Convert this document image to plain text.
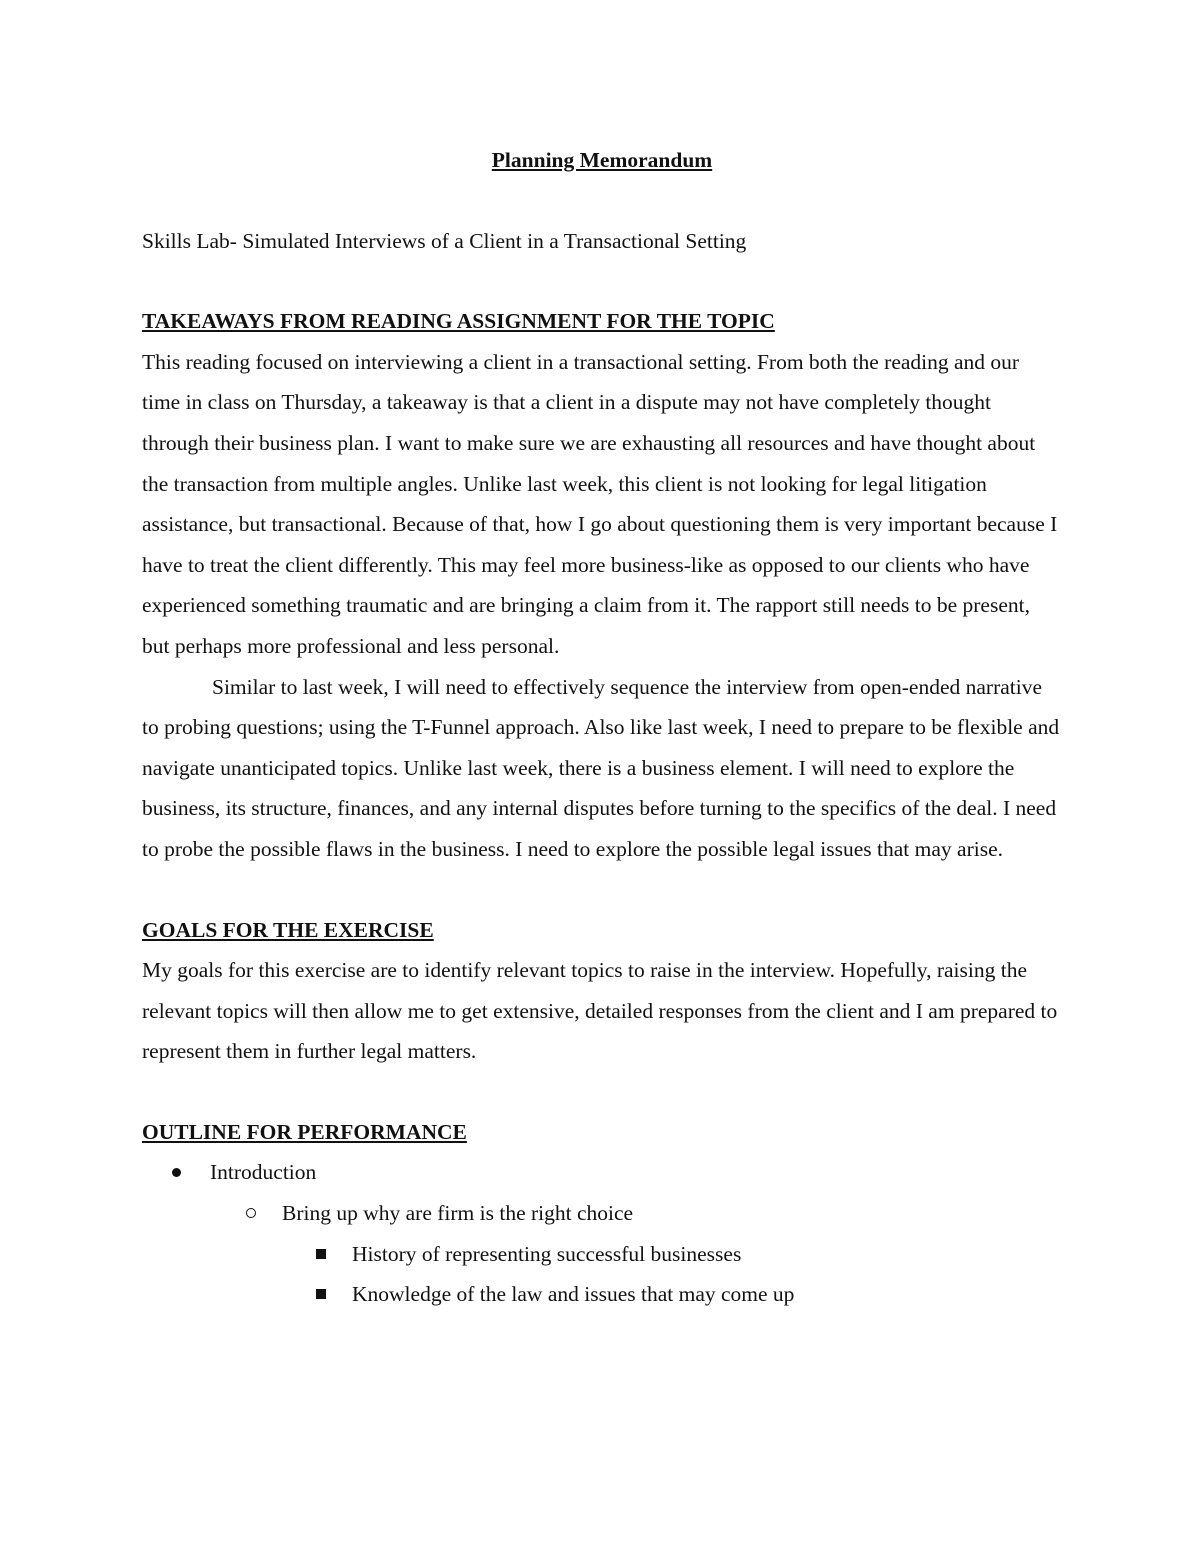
Planning Memorandum

Skills Lab- Simulated Interviews of a Client in a Transactional Setting

TAKEAWAYS FROM READING ASSIGNMENT FOR THE TOPIC

This reading focused on interviewing a client in a transactional setting. From both the reading and our time in class on Thursday, a takeaway is that a client in a dispute may not have completely thought through their business plan. I want to make sure we are exhausting all resources and have thought about the transaction from multiple angles. Unlike last week, this client is not looking for legal litigation assistance, but transactional. Because of that, how I go about questioning them is very important because I have to treat the client differently. This may feel more business-like as opposed to our clients who have experienced something traumatic and are bringing a claim from it. The rapport still needs to be present, but perhaps more professional and less personal.

Similar to last week, I will need to effectively sequence the interview from open-ended narrative to probing questions; using the T-Funnel approach. Also like last week, I need to prepare to be flexible and navigate unanticipated topics. Unlike last week, there is a business element. I will need to explore the business, its structure, finances, and any internal disputes before turning to the specifics of the deal. I need to probe the possible flaws in the business. I need to explore the possible legal issues that may arise.

GOALS FOR THE EXERCISE

My goals for this exercise are to identify relevant topics to raise in the interview. Hopefully, raising the relevant topics will then allow me to get extensive, detailed responses from the client and I am prepared to represent them in further legal matters.

OUTLINE FOR PERFORMANCE

Introduction
Bring up why are firm is the right choice
History of representing successful businesses
Knowledge of the law and issues that may come up
